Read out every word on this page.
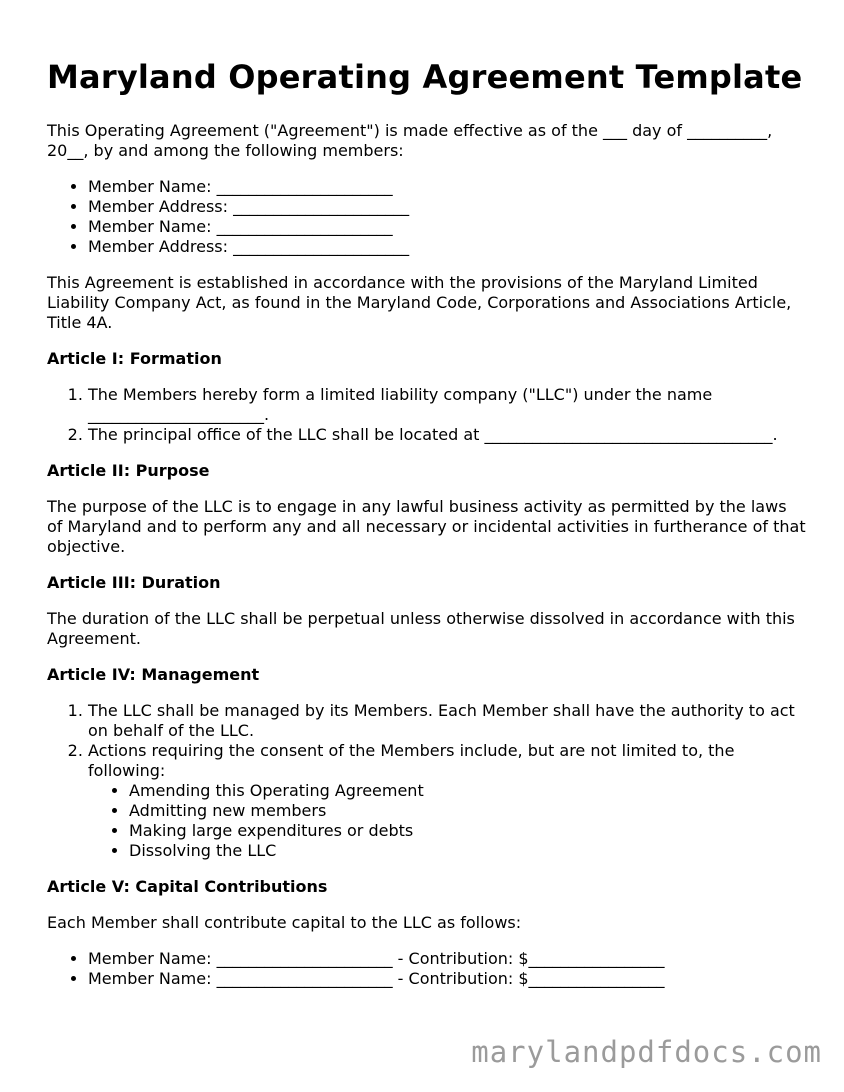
Maryland Operating Agreement Template

This Operating Agreement ("Agreement") is made effective as of the ___ day of __________, 20__, by and among the following members:

• Member Name: ______________________
• Member Address: ______________________
• Member Name: ______________________
• Member Address: ______________________

This Agreement is established in accordance with the provisions of the Maryland Limited Liability Company Act, as found in the Maryland Code, Corporations and Associations Article, Title 4A.

Article I: Formation
1. The Members hereby form a limited liability company ("LLC") under the name ______________________.
2. The principal office of the LLC shall be located at ____________________________________.
Article II: Purpose

The purpose of the LLC is to engage in any lawful business activity as permitted by the laws of Maryland and to perform any and all necessary or incidental activities in furtherance of that objective.

Article III: Duration

The duration of the LLC shall be perpetual unless otherwise dissolved in accordance with this Agreement.

Article IV: Management
1. The LLC shall be managed by its Members. Each Member shall have the authority to act on behalf of the LLC.
2. Actions requiring the consent of the Members include, but are not limited to, the following:
• Amending this Operating Agreement
• Admitting new members
• Making large expenditures or debts
• Dissolving the LLC
Article V: Capital Contributions

Each Member shall contribute capital to the LLC as follows:

• Member Name: ______________________ - Contribution: $_________________
• Member Name: ______________________ - Contribution: $_________________
marylandpdfdocs.com
